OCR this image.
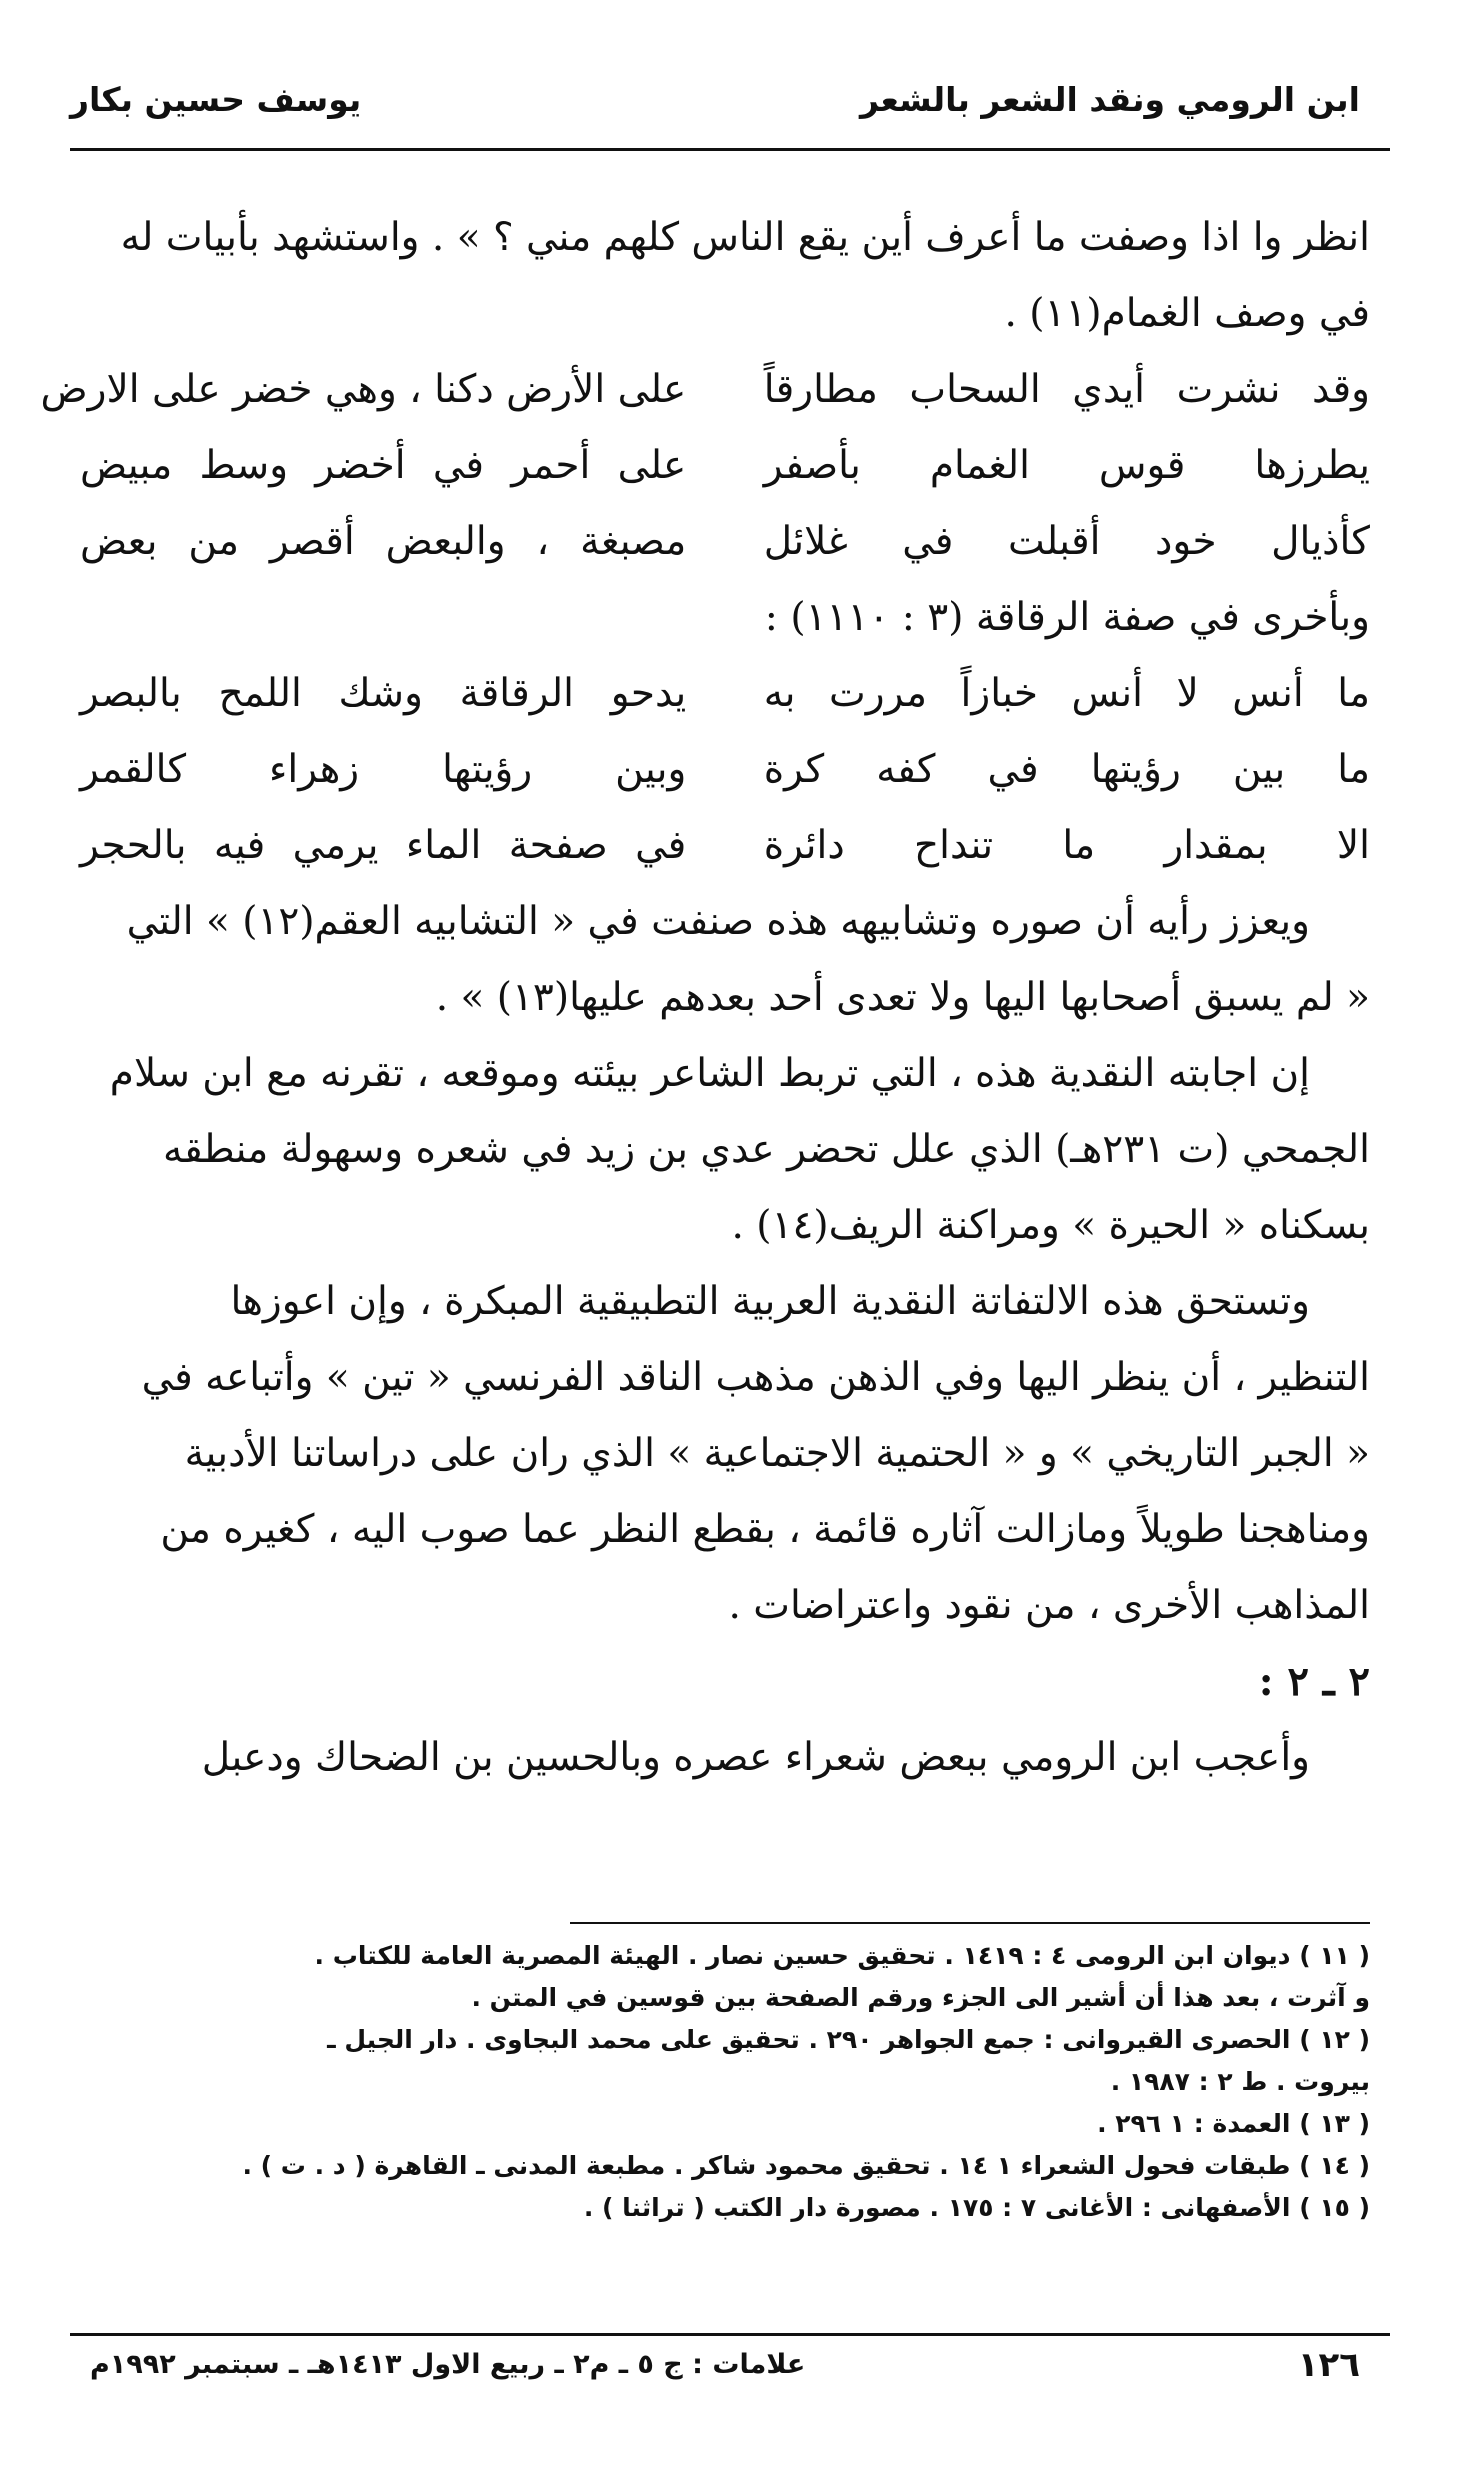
ابن الرومي ونقد الشعر بالشعر
يوسف حسين بكار
انظر وا اذا وصفت ما أعرف أين يقع الناس كلهم مني ؟ » . واستشهد بأبيات له
في وصف الغمام(١١) .
وقد نشرت أيدي السحاب مطارقاً
على الأرض دكنا ، وهي خضر على الارض
يطرزها قوس الغمام بأصفر
على أحمر في أخضر وسط مبيض
كأذيال خود أقبلت في غلائل
مصبغة ، والبعض أقصر من بعض
وبأخرى في صفة الرقاقة (٣ : ١١١٠) :
ما أنس لا أنس خبازاً مررت به
يدحو الرقاقة وشك اللمح بالبصر
ما بين رؤيتها في كفه كرة
وبين رؤيتها زهراء كالقمر
الا بمقدار ما تنداح دائرة
في صفحة الماء يرمي فيه بالحجر
ويعزز رأيه أن صوره وتشابيهه هذه صنفت في « التشابيه العقم(١٢) » التي
« لم يسبق أصحابها اليها ولا تعدى أحد بعدهم عليها(١٣) » .
إن اجابته النقدية هذه ، التي تربط الشاعر بيئته وموقعه ، تقرنه مع ابن سلام
الجمحي (ت ٢٣١هـ) الذي علل تحضر عدي بن زيد في شعره وسهولة منطقه
بسكناه « الحيرة » ومراكنة الريف(١٤) .
وتستحق هذه الالتفاتة النقدية العربية التطبيقية المبكرة ، وإن اعوزها
التنظير ، أن ينظر اليها وفي الذهن مذهب الناقد الفرنسي « تين » وأتباعه في
« الجبر التاريخي » و « الحتمية الاجتماعية » الذي ران على دراساتنا الأدبية
ومناهجنا طويلاً ومازالت آثاره قائمة ، بقطع النظر عما صوب اليه ، كغيره من
المذاهب الأخرى ، من نقود واعتراضات .
٢ ـ ٢ :
وأعجب ابن الرومي ببعض شعراء عصره وبالحسين بن الضحاك ودعبل
( ١١ ) ديوان ابن الرومى ٤ : ١٤١٩ . تحقيق حسين نصار . الهيئة المصرية العامة للكتاب .
و آثرت ، بعد هذا أن أشير الى الجزء ورقم الصفحة بين قوسين في المتن .
( ١٢ ) الحصرى القيروانى : جمع الجواهر ٢٩٠ . تحقيق على محمد البجاوى . دار الجيل ـ
بيروت . ط ٢ : ١٩٨٧ .
( ١٣ ) العمدة : ١ ٢٩٦ .
( ١٤ ) طبقات فحول الشعراء ١ ١٤ . تحقيق محمود شاكر . مطبعة المدنى ـ القاهرة ( د . ت ) .
( ١٥ ) الأصفهانى : الأغانى ٧ : ١٧٥ . مصورة دار الكتب ( تراثنا ) .
١٢٦
علامات : ج ٥ ـ م٢ ـ ربيع الاول ١٤١٣هـ ـ سبتمبر ١٩٩٢م
